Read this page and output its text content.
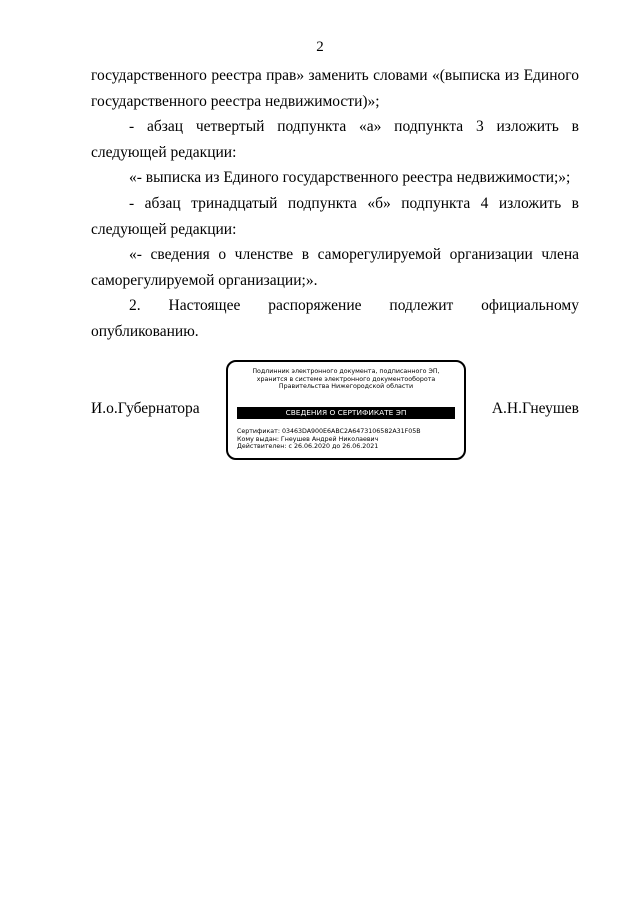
2

государственного реестра прав» заменить словами «(выписка из Единого государственного реестра недвижимости)»;

- абзац четвертый подпункта «а» подпункта 3 изложить в следующей редакции:

«- выписка из Единого государственного реестра недвижимости;»;

- абзац тринадцатый подпункта «б» подпункта 4 изложить в следующей редакции:

«- сведения о членстве в саморегулируемой организации члена саморегулируемой организации;».

2. Настоящее распоряжение подлежит официальному опубликованию.

И.о.Губернатора	А.Н.Гнеушев
Подлинник электронного документа, подписанного ЭП,
хранится в системе электронного документооборота
Правительства Нижегородской области
СВЕДЕНИЯ О СЕРТИФИКАТЕ ЭП
Сертификат: 03463DA900E6ABC2A6473106582A31F05B
Кому выдан: Гнеушев Андрей Николаевич
Действителен: с 26.06.2020 до 26.06.2021
